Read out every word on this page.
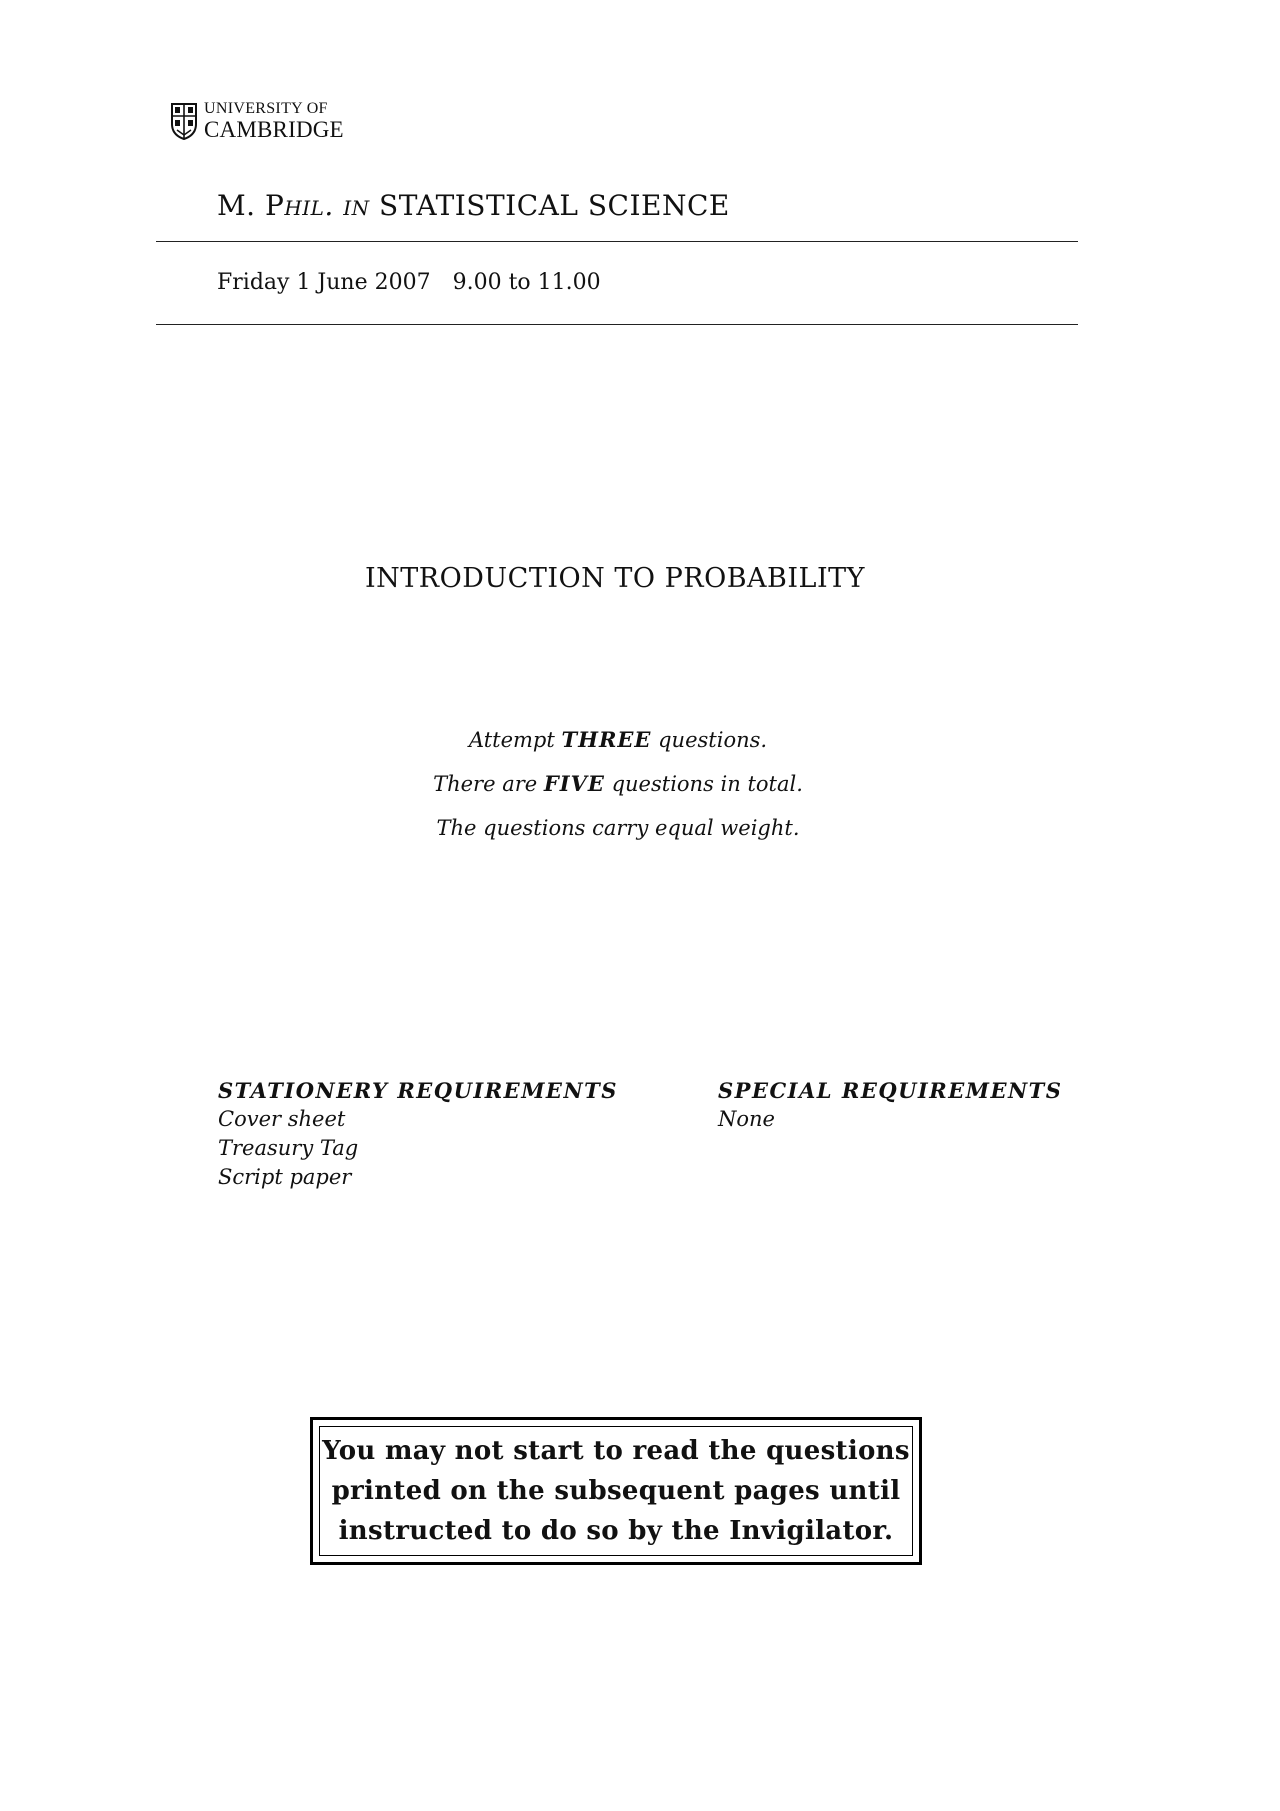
UNIVERSITY OF
CAMBRIDGE
M. Phil. in STATISTICAL SCIENCE
Friday 1 June 2007 9.00 to 11.00
INTRODUCTION TO PROBABILITY
Attempt THREE questions.
There are FIVE questions in total.
The questions carry equal weight.
STATIONERY REQUIREMENTS
Cover sheet
Treasury Tag
Script paper
SPECIAL REQUIREMENTS
None
You may not start to read the questions
printed on the subsequent pages until
instructed to do so by the Invigilator.
